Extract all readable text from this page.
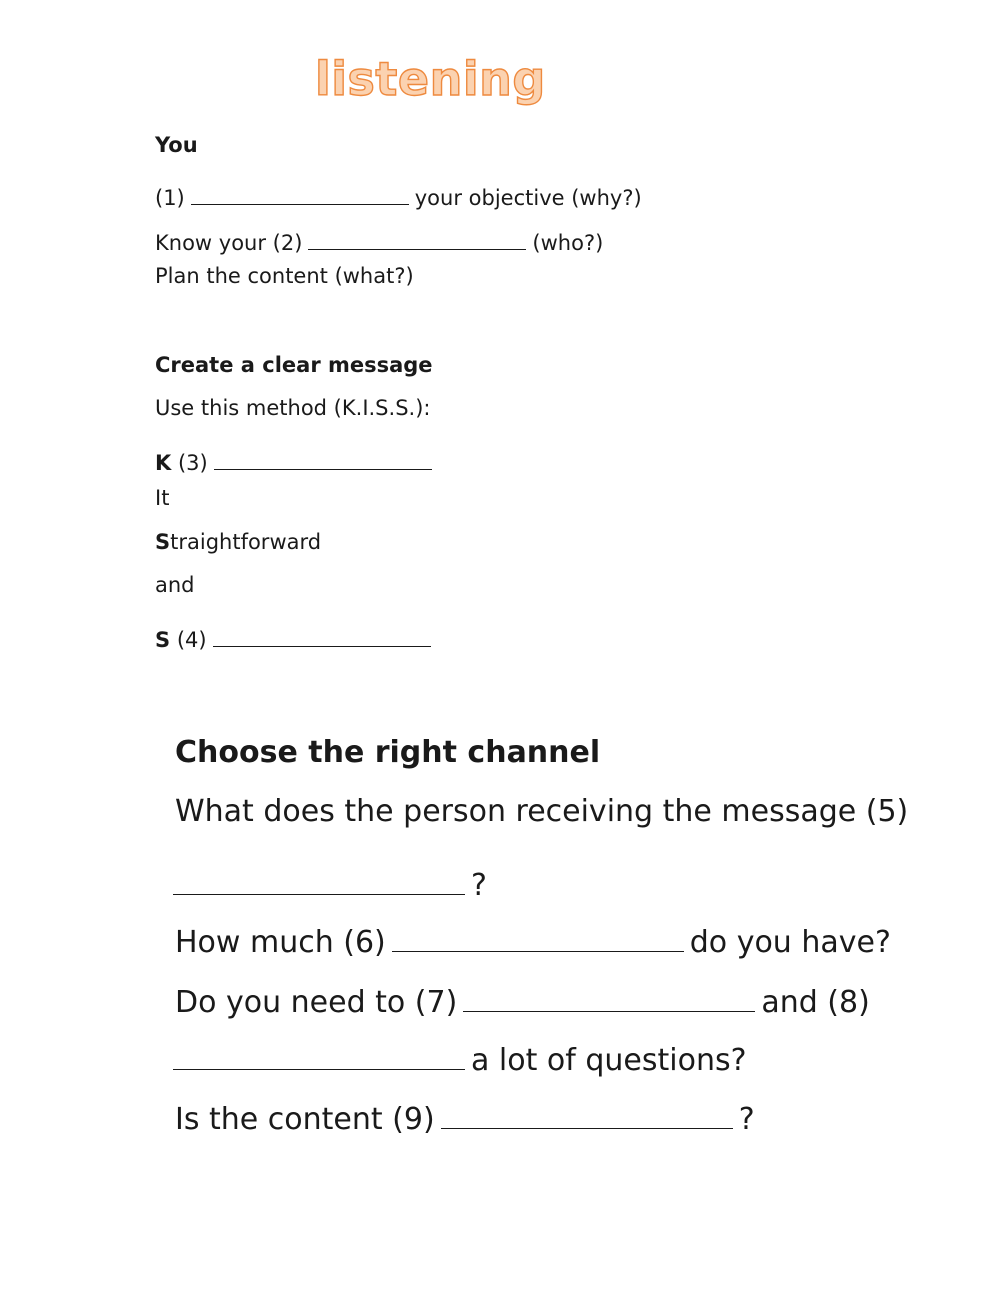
listening
You
(1)	your objective (why?)
Know your (2)	(who?)
Plan the content (what?)
Create a clear message
Use this method (K.I.S.S.):
K (3)
It
Straightforward
and
S (4)
Choose the right channel
What does the person receiving the message (5)
?
How much (6)	do you have?
Do you need to (7)	and (8)
a lot of questions?
Is the content (9)	?
